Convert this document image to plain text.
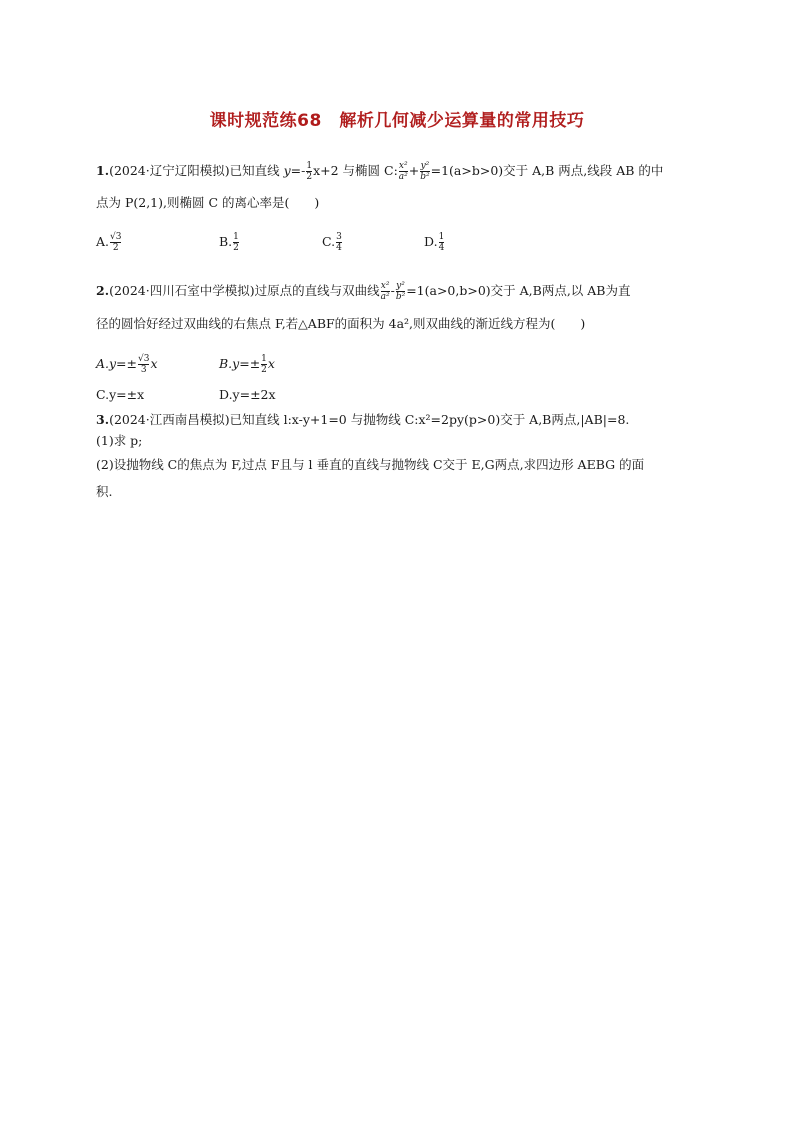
课时规范练68　解析几何减少运算量的常用技巧
1.(2024·辽宁辽阳模拟)已知直线 $y=- \frac{1}{2} x+2$ 与椭圆 C: $\frac{\text{x²}}{\text{a²}} + \frac{\text{y²}}{\text{b²}} =1(a>b>0)$交于 A,B 两点,线段 AB 的中
点为 P(2,1),则椭圆 C 的离心率是(　　)
A. $\frac{√3}{2}$	B. $\frac{1}{2}$	C. $\frac{3}{4}$	D. $\frac{1}{4}$
2.(2024·四川石室中学模拟)过原点的直线与双曲线 $\frac{\text{x²}}{\text{a²}} - \frac{\text{y²}}{\text{b²}} =1(a>0,b>0)$交于 A,B两点,以 AB为直
径的圆恰好经过双曲线的右焦点 F,若△ABF的面积为 4a²,则双曲线的渐近线方程为(　　)
$A.y=\pm \frac{√3}{3}$ x	$B.y=\pm \frac{1}{2}$ x
C.y=±x	D.y=±2x
3.(2024·江西南昌模拟)已知直线 l:x-y+1=0 与抛物线 C:x²=2py(p>0)交于 A,B两点,|AB|=8.
(1)求 p;
(2)设抛物线 C的焦点为 F,过点 F且与 l 垂直的直线与抛物线 C交于 E,G两点,求四边形 AEBG 的面
积.
